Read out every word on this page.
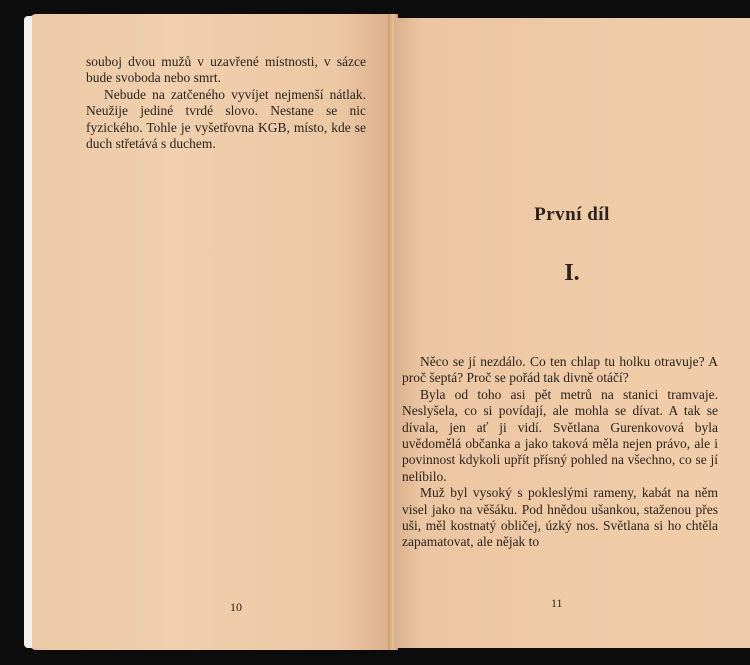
souboj dvou mužů v uzavřené místnosti, v sázce bude svoboda nebo smrt.

Nebude na zatčeného vyvíjet nejmenší nátlak. Neužije jediné tvrdé slovo. Nestane se nic fyzického. Tohle je vyšetřovna KGB, místo, kde se duch střetává s duchem.

10
První díl
I.

Něco se jí nezdálo. Co ten chlap tu holku otravuje? A proč šeptá? Proč se pořád tak divně otáčí?

Byla od toho asi pět metrů na stanici tramvaje. Neslyšela, co si povídají, ale mohla se dívat. A tak se dívala, jen ať ji vidí. Světlana Gurenkovová byla uvědomělá občanka a jako taková měla nejen právo, ale i povinnost kdykoli upřít přísný pohled na všechno, co se jí nelíbilo.

Muž byl vysoký s pokleslými rameny, kabát na něm visel jako na věšáku. Pod hnědou ušankou, staženou přes uši, měl kostnatý obličej, úzký nos. Světlana si ho chtěla zapamatovat, ale nějak to

11
